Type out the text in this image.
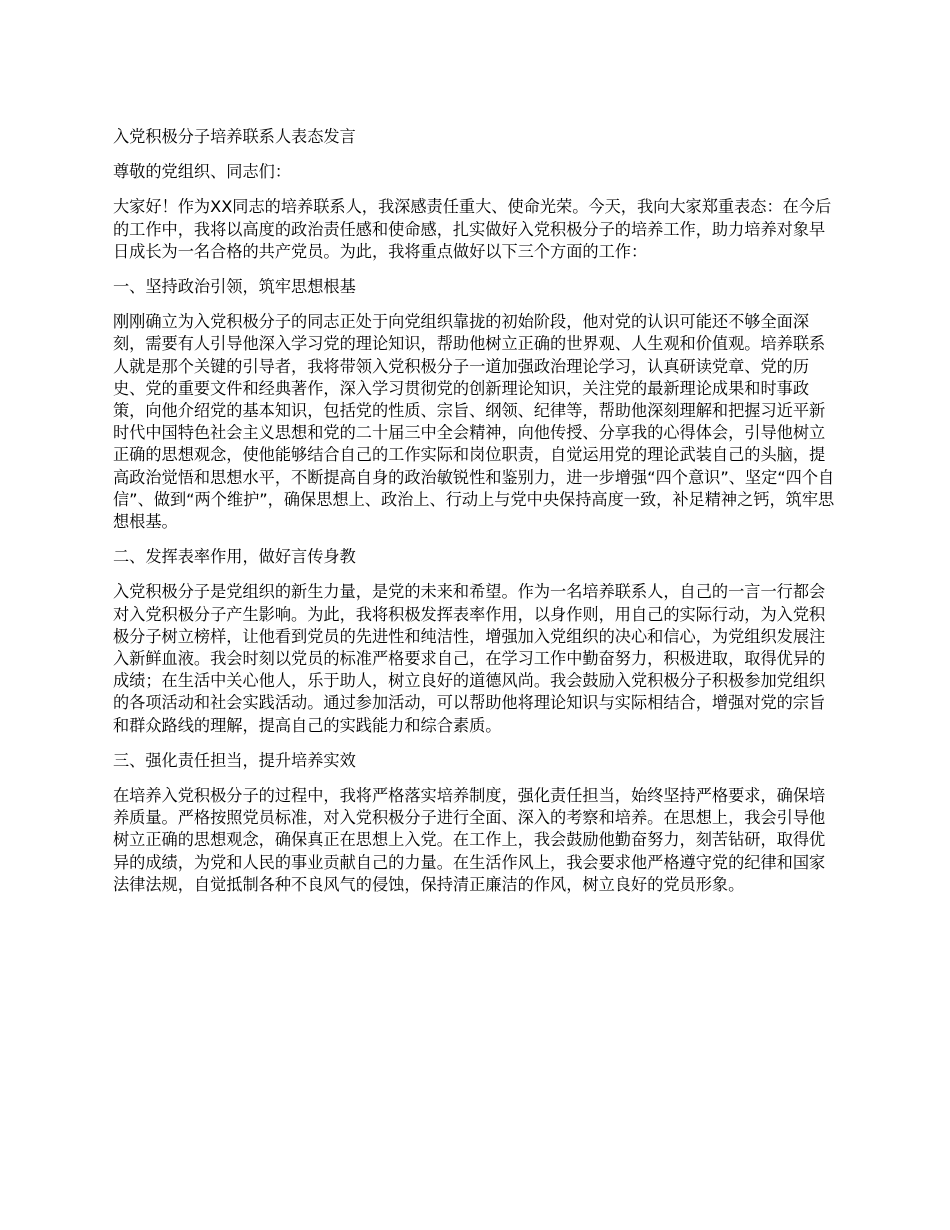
入党积极分子培养联系人表态发言

尊敬的党组织、同志们：

大家好！作为XX同志的培养联系人，我深感责任重大、使命光荣。今天，我向大家郑重表态：在今后的工作中，我将以高度的政治责任感和使命感，扎实做好入党积极分子的培养工作，助力培养对象早日成长为一名合格的共产党员。为此，我将重点做好以下三个方面的工作：

一、坚持政治引领，筑牢思想根基

刚刚确立为入党积极分子的同志正处于向党组织靠拢的初始阶段，他对党的认识可能还不够全面深刻，需要有人引导他深入学习党的理论知识，帮助他树立正确的世界观、人生观和价值观。培养联系人就是那个关键的引导者，我将带领入党积极分子一道加强政治理论学习，认真研读党章、党的历史、党的重要文件和经典著作，深入学习贯彻党的创新理论知识，关注党的最新理论成果和时事政策，向他介绍党的基本知识，包括党的性质、宗旨、纲领、纪律等，帮助他深刻理解和把握习近平新时代中国特色社会主义思想和党的二十届三中全会精神，向他传授、分享我的心得体会，引导他树立正确的思想观念，使他能够结合自己的工作实际和岗位职责，自觉运用党的理论武装自己的头脑，提高政治觉悟和思想水平，不断提高自身的政治敏锐性和鉴别力，进一步增强“四个意识”、坚定“四个自信”、做到“两个维护”，确保思想上、政治上、行动上与党中央保持高度一致，补足精神之钙，筑牢思想根基。

二、发挥表率作用，做好言传身教

入党积极分子是党组织的新生力量，是党的未来和希望。作为一名培养联系人，自己的一言一行都会对入党积极分子产生影响。为此，我将积极发挥表率作用，以身作则，用自己的实际行动，为入党积极分子树立榜样，让他看到党员的先进性和纯洁性，增强加入党组织的决心和信心，为党组织发展注入新鲜血液。我会时刻以党员的标准严格要求自己，在学习工作中勤奋努力，积极进取，取得优异的成绩；在生活中关心他人，乐于助人，树立良好的道德风尚。我会鼓励入党积极分子积极参加党组织的各项活动和社会实践活动。通过参加活动，可以帮助他将理论知识与实际相结合，增强对党的宗旨和群众路线的理解，提高自己的实践能力和综合素质。

三、强化责任担当，提升培养实效

在培养入党积极分子的过程中，我将严格落实培养制度，强化责任担当，始终坚持严格要求，确保培养质量。严格按照党员标准，对入党积极分子进行全面、深入的考察和培养。在思想上，我会引导他树立正确的思想观念，确保真正在思想上入党。在工作上，我会鼓励他勤奋努力，刻苦钻研，取得优异的成绩，为党和人民的事业贡献自己的力量。在生活作风上，我会要求他严格遵守党的纪律和国家法律法规，自觉抵制各种不良风气的侵蚀，保持清正廉洁的作风，树立良好的党员形象。
